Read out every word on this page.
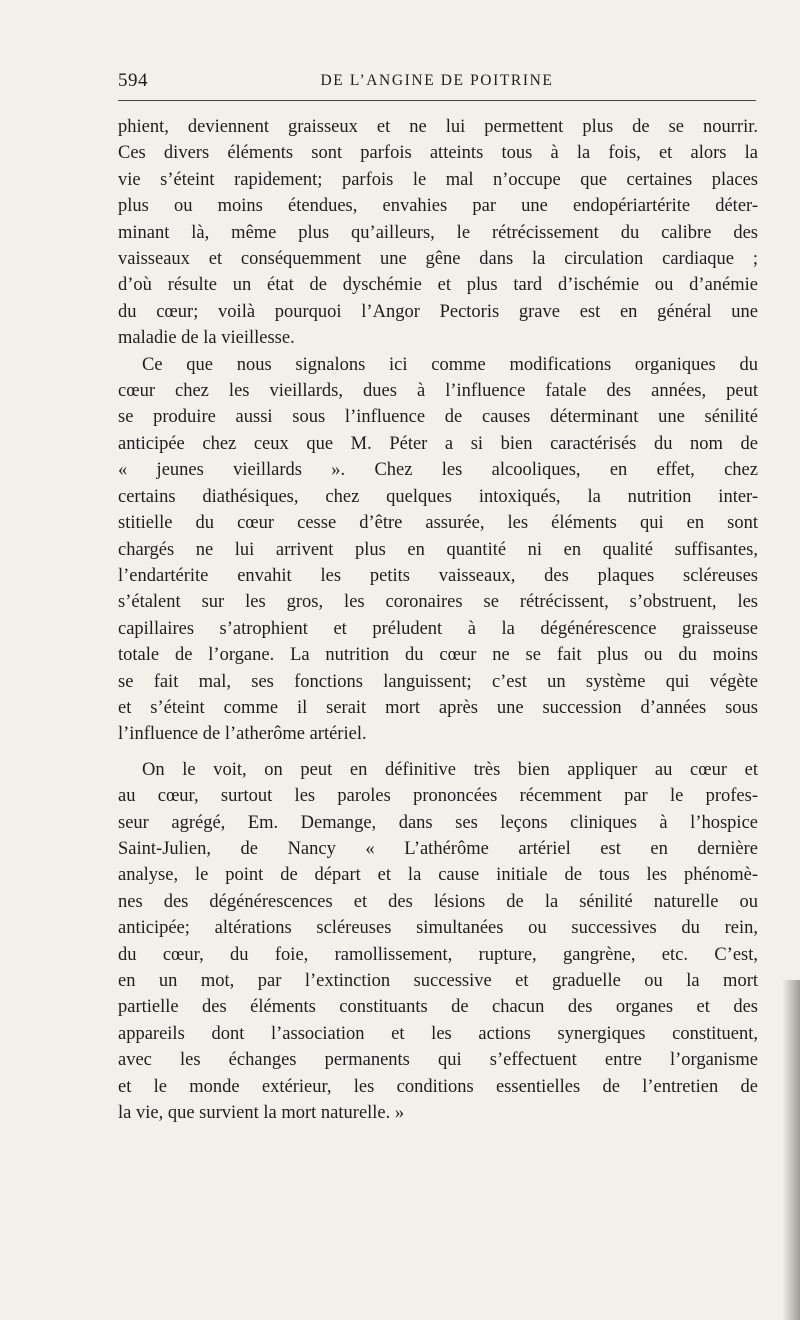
594	DE L’ANGINE DE POITRINE
phient, deviennent graisseux et ne lui permettent plus de se nourrir.
Ces divers éléments sont parfois atteints tous à la fois, et alors la
vie s’éteint rapidement; parfois le mal n’occupe que certaines places
plus ou moins étendues, envahies par une endopériartérite déter-
minant là, même plus qu’ailleurs, le rétrécissement du calibre des
vaisseaux et conséquemment une gêne dans la circulation cardiaque ;
d’où résulte un état de dyschémie et plus tard d’ischémie ou d’anémie
du cœur; voilà pourquoi l’Angor Pectoris grave est en général une
maladie de la vieillesse.
Ce que nous signalons ici comme modifications organiques du
cœur chez les vieillards, dues à l’influence fatale des années, peut
se produire aussi sous l’influence de causes déterminant une sénilité
anticipée chez ceux que M. Péter a si bien caractérisés du nom de
« jeunes vieillards ». Chez les alcooliques, en effet, chez
certains diathésiques, chez quelques intoxiqués, la nutrition inter-
stitielle du cœur cesse d’être assurée, les éléments qui en sont
chargés ne lui arrivent plus en quantité ni en qualité suffisantes,
l’endartérite envahit les petits vaisseaux, des plaques scléreuses
s’étalent sur les gros, les coronaires se rétrécissent, s’obstruent, les
capillaires s’atrophient et préludent à la dégénérescence graisseuse
totale de l’organe. La nutrition du cœur ne se fait plus ou du moins
se fait mal, ses fonctions languissent; c’est un système qui végète
et s’éteint comme il serait mort après une succession d’années sous
l’influence de l’atherôme artériel.
On le voit, on peut en définitive très bien appliquer au cœur et
au cœur, surtout les paroles prononcées récemment par le profes-
seur agrégé, Em. Demange, dans ses leçons cliniques à l’hospice
Saint-Julien, de Nancy « L’athérôme artériel est en dernière
analyse, le point de départ et la cause initiale de tous les phénomè-
nes des dégénérescences et des lésions de la sénilité naturelle ou
anticipée; altérations scléreuses simultanées ou successives du rein,
du cœur, du foie, ramollissement, rupture, gangrène, etc. C’est,
en un mot, par l’extinction successive et graduelle ou la mort
partielle des éléments constituants de chacun des organes et des
appareils dont l’association et les actions synergiques constituent,
avec les échanges permanents qui s’effectuent entre l’organisme
et le monde extérieur, les conditions essentielles de l’entretien de
la vie, que survient la mort naturelle. »
